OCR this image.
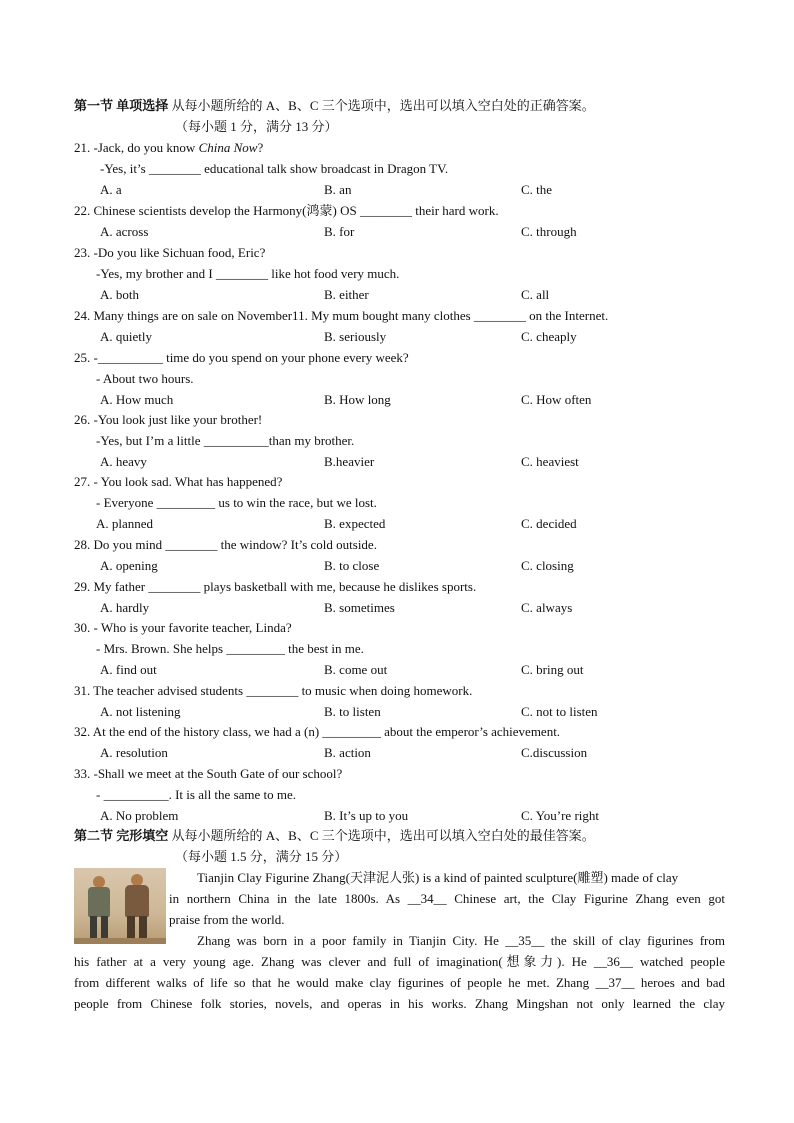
第一节 单项选择 从每小题所给的 A、B、C 三个选项中，选出可以填入空白处的正确答案。
（每小题 1 分，满分 13 分）
21. -Jack, do you know China Now?
-Yes, it’s ________ educational talk show broadcast in Dragon TV.
A. a	B. an	C. the
22. Chinese scientists develop the Harmony(鸿蒙) OS ________ their hard work.
A. across	B. for	C. through
23. -Do you like Sichuan food, Eric?
-Yes, my brother and I ________ like hot food very much.
A. both	B. either	C. all
24. Many things are on sale on November11. My mum bought many clothes ________ on the Internet.
A. quietly	B. seriously	C. cheaply
25. -__________ time do you spend on your phone every week?
- About two hours.
A. How much	B. How long	C. How often
26. -You look just like your brother!
-Yes, but I’m a little __________than my brother.
A. heavy	B.heavier	C. heaviest
27. - You look sad. What has happened?
- Everyone _________ us to win the race, but we lost.
A. planned	B. expected	C. decided
28. Do you mind ________ the window? It’s cold outside.
A. opening	B. to close	C. closing
29. My father ________ plays basketball with me, because he dislikes sports.
A. hardly	B. sometimes	C. always
30. - Who is your favorite teacher, Linda?
- Mrs. Brown. She helps _________ the best in me.
A. find out	B. come out	C. bring out
31. The teacher advised students ________ to music when doing homework.
A. not listening	B. to listen	C. not to listen
32. At the end of the history class, we had a (n) _________ about the emperor’s achievement.
A. resolution	B. action	C.discussion
33. -Shall we meet at the South Gate of our school?
- __________. It is all the same to me.
A. No problem	B. It’s up to you	C. You’re right
第二节 完形填空 从每小题所给的 A、B、C 三个选项中，选出可以填入空白处的最佳答案。
（每小题 1.5 分，满分 15 分）
Tianjin Clay Figurine Zhang(天津泥人张) is a kind of painted sculpture(雕塑) made of clay
in northern China in the late 1800s. As __34__ Chinese art, the Clay Figurine Zhang even got
praise from the world.
Zhang was born in a poor family in Tianjin City. He __35__ the skill of clay figurines from
his father at a very young age. Zhang was clever and full of imagination(想象力). He __36__ watched people
from different walks of life so that he would make clay figurines of people he met. Zhang __37__ heroes and bad
people from Chinese folk stories, novels, and operas in his works. Zhang Mingshan not only learned the clay
